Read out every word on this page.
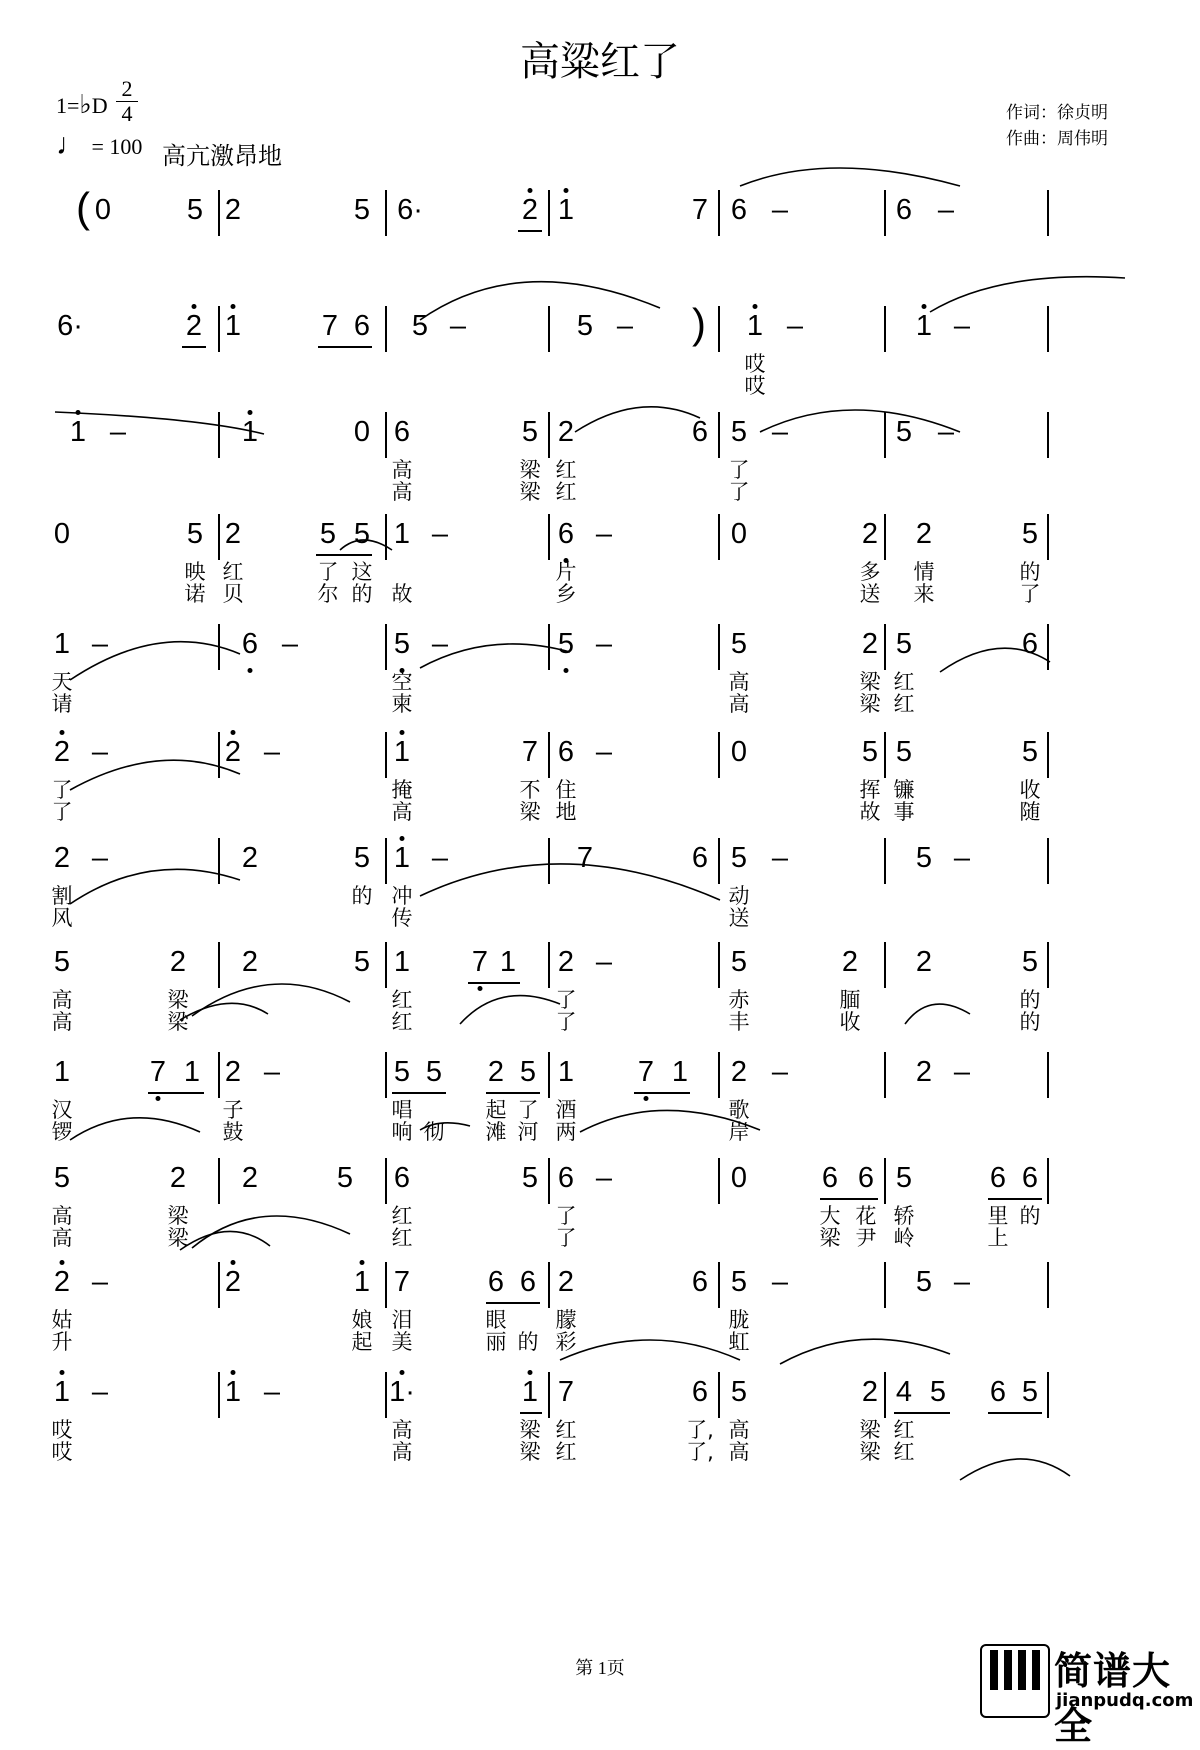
高粱红了
1=♭D
2
4
♩ = 100 高亢激昂地
作词：徐贞明
作曲：周伟明
( 0	5 2	5 6·	2 1	7 6 –	6 –
6·	2 1	7 6 5 –	5 – ) 1 –	1 –
哎
哎
1 –	1	0 6	5 2	6 5 –	5 –
高
高
梁
梁
红
红
了
了
0	5 2	5 5 1 –	6 –	0	2 2	5
映
诺
红
贝
了
尔
这
的 故
片
乡
多
送
情
来
的
了
1 –	6 –	5 –	5 –	5	2 5	6
天
请
空
柬
高
高
梁
梁
红
红
2 –	2 –	1	7 6 –	0	5 5	5
了
了
掩
高
不
梁
住
地
挥
故
镰
事
收
随
2 –	2	5 1 –	7	6 5 –	5 –
割
风
的 冲
传
动
送
5	2 2	5 1 7 1 2 –	5	2 2	5
高
高
梁
梁
红
红
了
了
赤
丰
腼
收
的
的
1	7 1 2 –	5 5 2 5 1 7 1 2 –	2 –
汉
锣
子
鼓
唱
响 彻
起
滩
了
河
酒
两
歌
岸
5	2 2	5 6	5 6 –	0	6 6 5	6 6
高
高
梁
梁
红
红
了
了
大
梁
花
尹
轿
岭
里
上
的
2 –	2	1 7	6 6 2	6 5 –	5 –
姑
升
娘
起
泪
美
眼
丽 的
朦
彩
胧
虹
1 –	1 –	1·	1 7	6 5	2 4 5 6 5
哎
哎
高
高
梁
梁
红
红
了,
了,
高
高
梁
梁
红
红
第 1页	简谱大全
jianpudq.com
